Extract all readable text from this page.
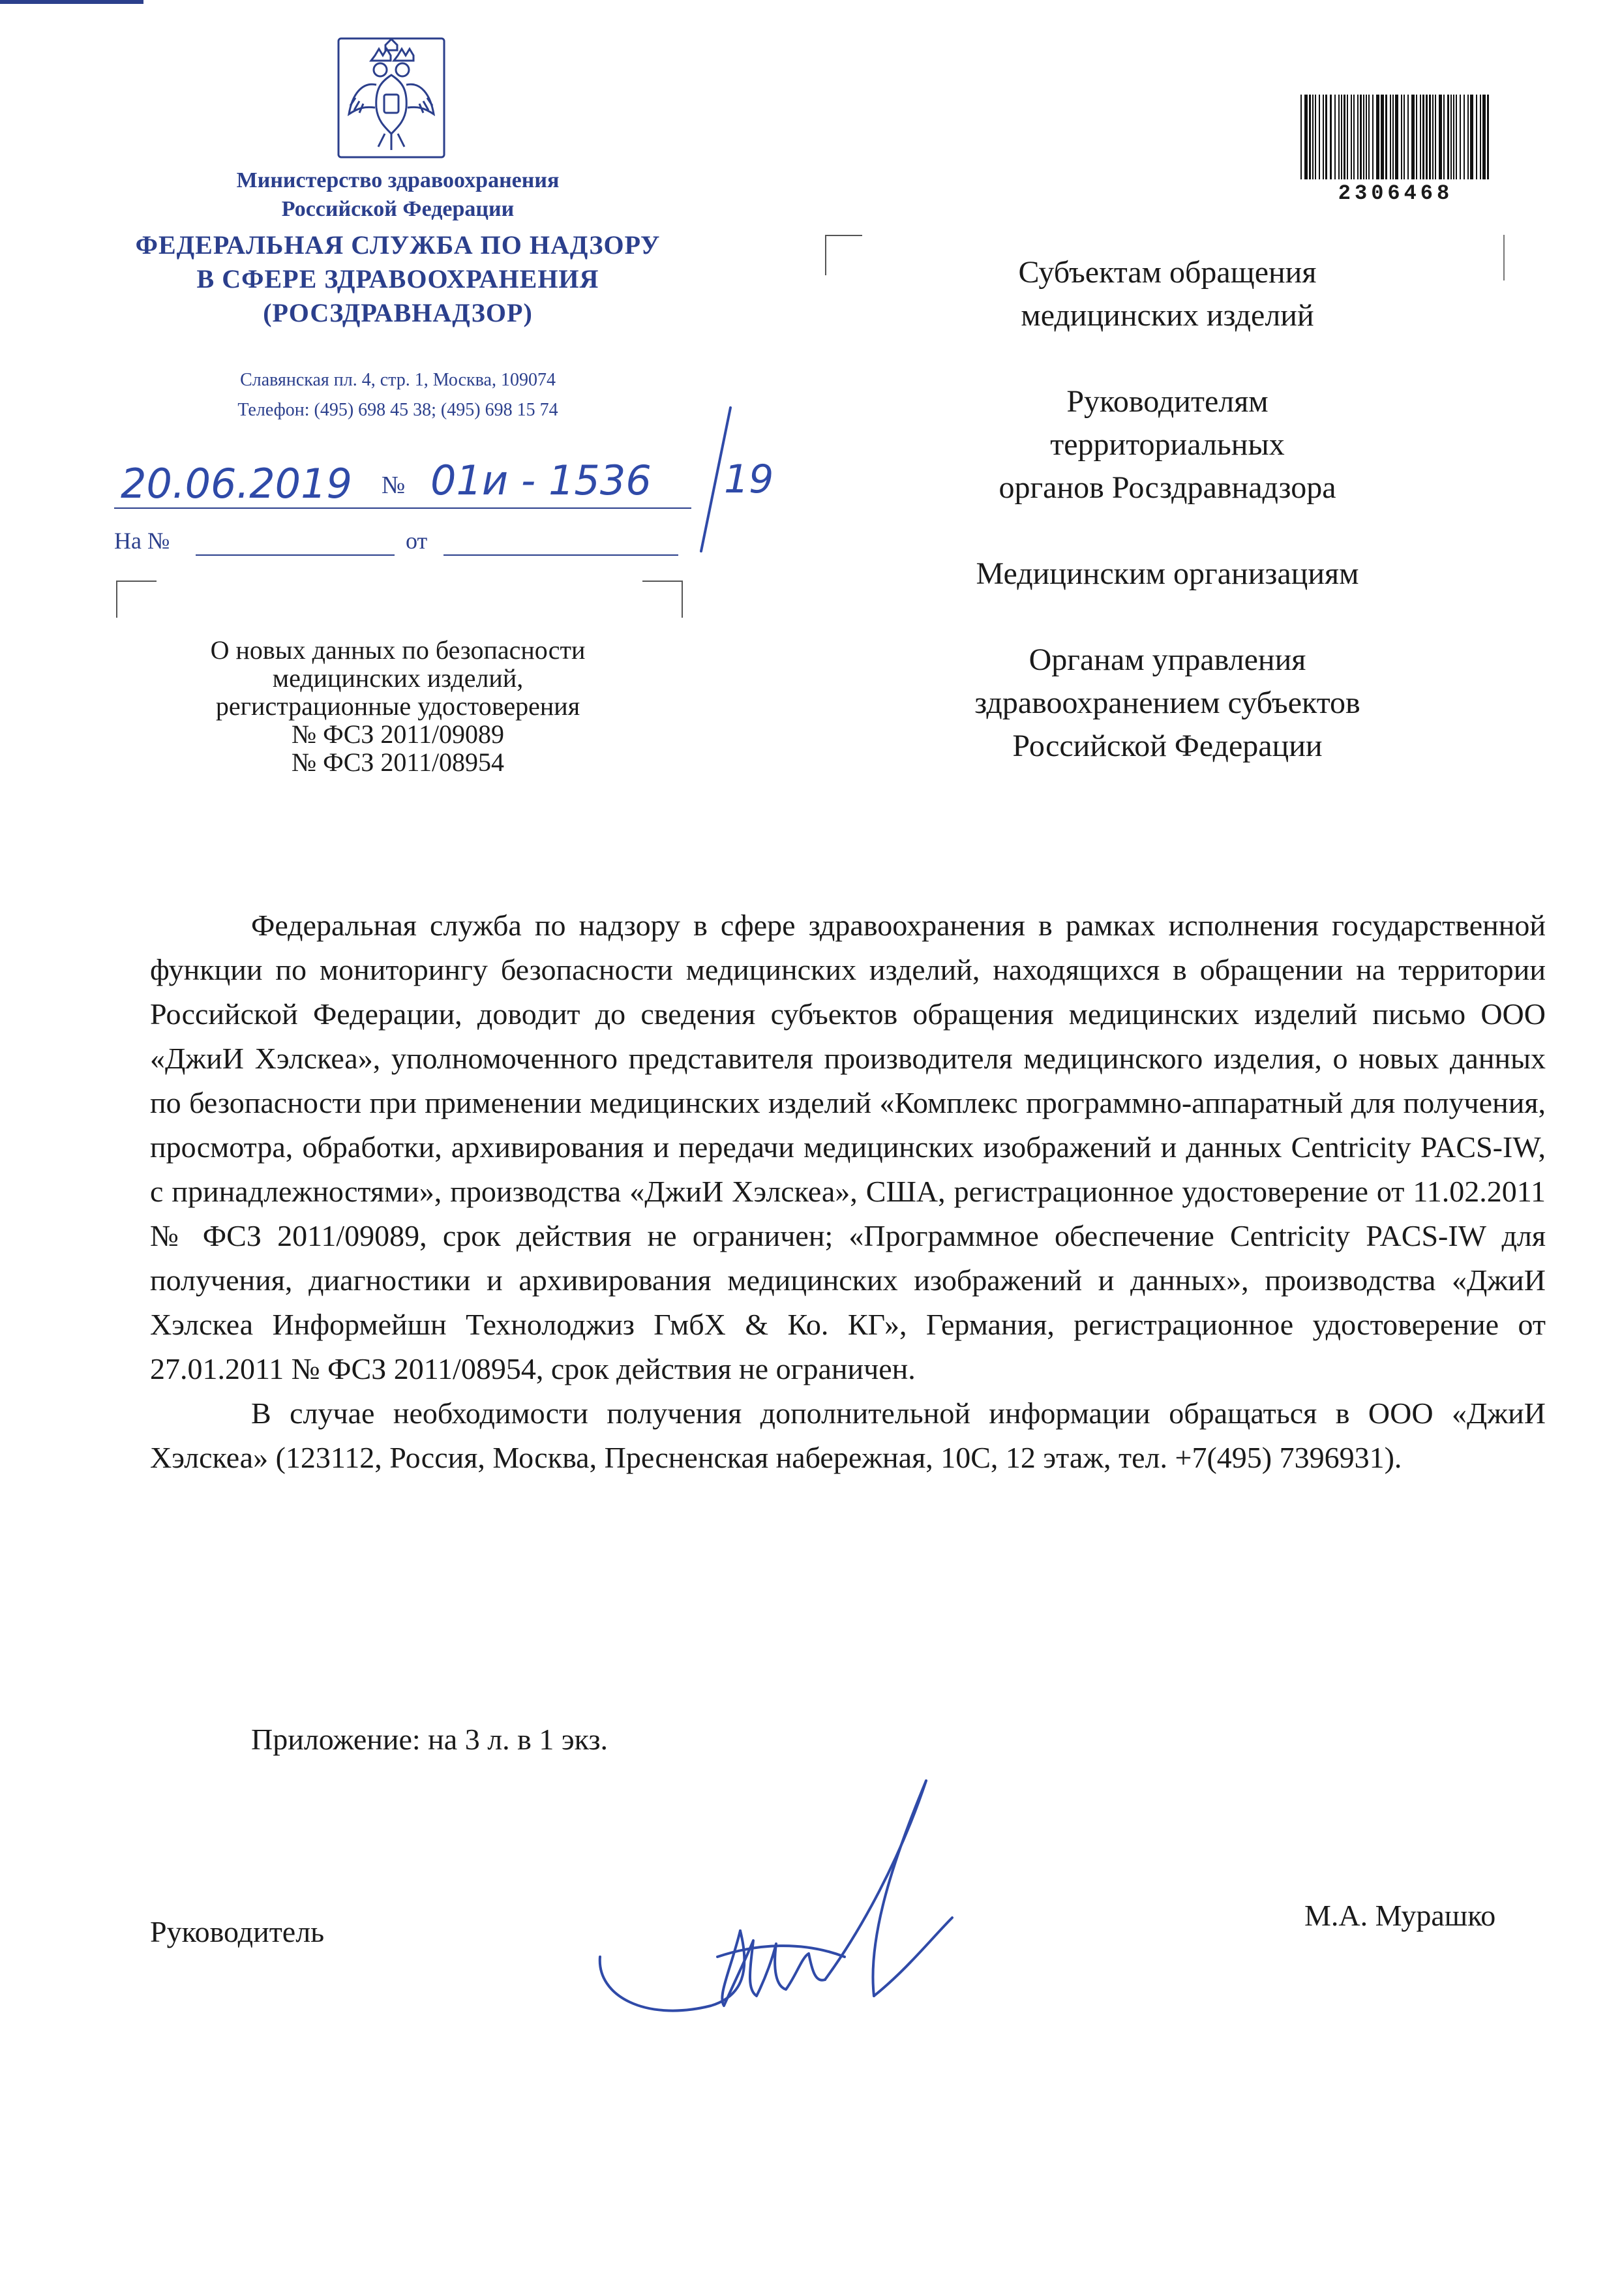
Министерство здравоохранения
Российской Федерации
ФЕДЕРАЛЬНАЯ СЛУЖБА ПО НАДЗОРУ
В СФЕРЕ ЗДРАВООХРАНЕНИЯ
(РОСЗДРАВНАДЗОР)
Славянская пл. 4, стр. 1, Москва, 109074
Телефон: (495) 698 45 38; (495) 698 15 74
20.06.2019 № 01и - 1536 19
На №	от
О новых данных по безопасности
медицинских изделий,
регистрационные удостоверения
№ ФСЗ 2011/09089
№ ФСЗ 2011/08954
2306468
Субъектам обращения
медицинских изделий
Руководителям
территориальных
органов Росздравнадзора
Медицинским организациям
Органам управления
здравоохранением субъектов
Российской Федерации

Федеральная служба по надзору в сфере здравоохранения в рамках исполнения государственной функции по мониторингу безопасности медицинских изделий, находящихся в обращении на территории Российской Федерации, доводит до сведения субъектов обращения медицинских изделий письмо ООО «ДжиИ Хэлскеа», уполномоченного представителя производителя медицинского изделия, о новых данных по безопасности при применении медицинских изделий «Комплекс программно-аппаратный для получения, просмотра, обработки, архивирования и передачи медицинских изображений и данных Centricity PACS-IW, с принадлежностями», производства «ДжиИ Хэлскеа», США, регистрационное удостоверение от 11.02.2011 № ФСЗ 2011/09089, срок действия не ограничен; «Программное обеспечение Centricity PACS-IW для получения, диагностики и архивирования медицинских изображений и данных», производства «ДжиИ Хэлскеа Информейшн Технолоджиз ГмбХ & Ко. КГ», Германия, регистрационное удостоверение от 27.01.2011 № ФСЗ 2011/08954, срок действия не ограничен.

В случае необходимости получения дополнительной информации обращаться в ООО «ДжиИ Хэлскеа» (123112, Россия, Москва, Пресненская набережная, 10С, 12 этаж, тел. +7(495) 7396931).

Приложение: на 3 л. в 1 экз.
Руководитель	М.А. Мурашко
